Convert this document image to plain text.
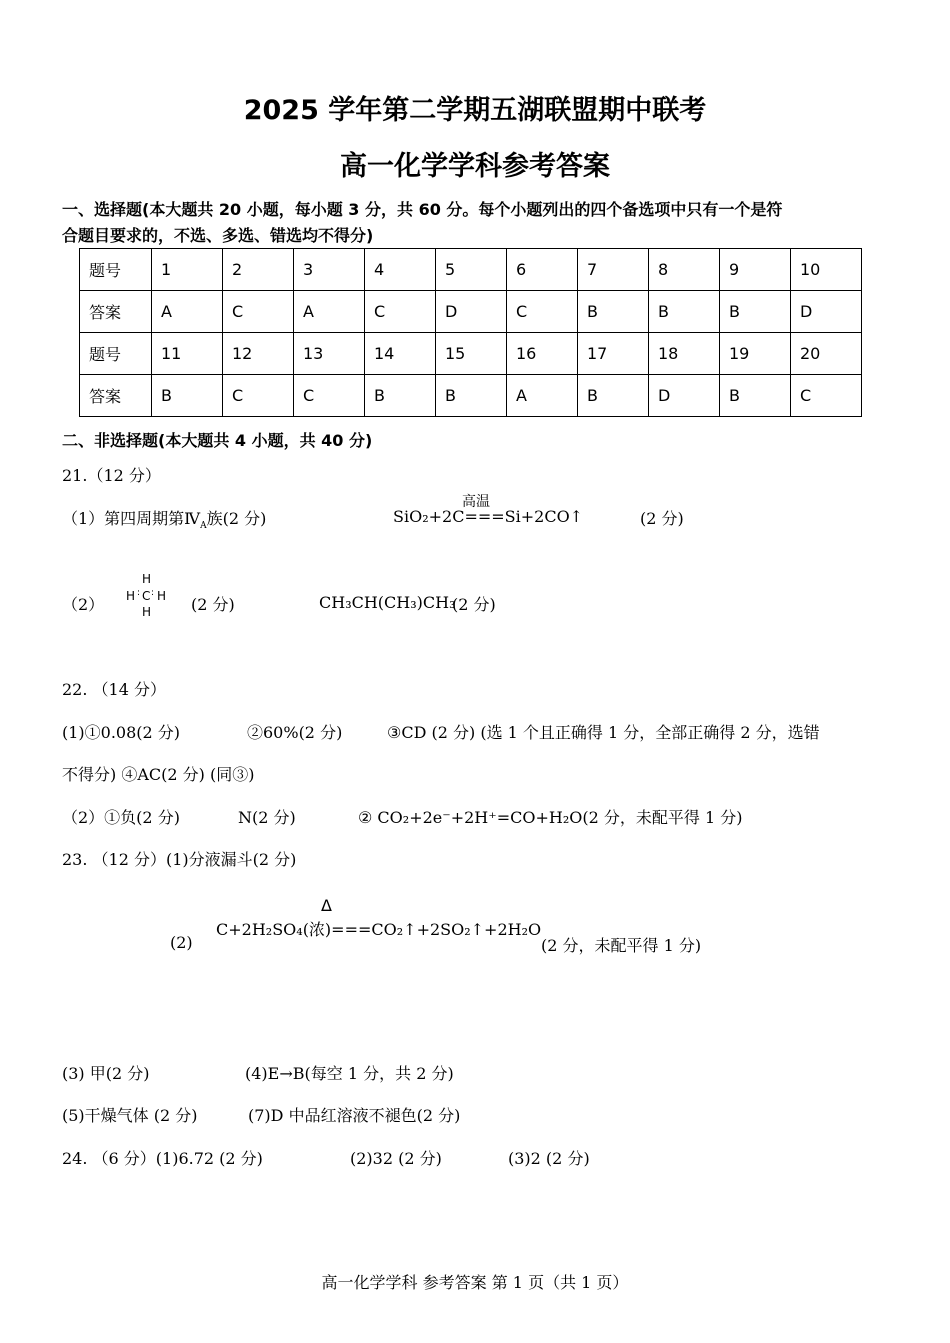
2025 学年第二学期五湖联盟期中联考
高一化学学科参考答案
一、选择题(本大题共 20 小题，每小题 3 分，共 60 分。每个小题列出的四个备选项中只有一个是符
合题目要求的，不选、多选、错选均不得分)
题号	1	2	3	4	5	6	7	8	9	10
答案	A	C	A	C	D	C	B	B	B	D
题号	11	12	13	14	15	16	17	18	19	20
答案	B	C	C	B	B	A	B	D	B	C
二、非选择题(本大题共 4 小题，共 40 分)
21.（12 分）
（1）第四周期第$Ⅳ_A$族(2 分)
高温
SiO₂+2C===Si+2CO↑	(2 分)
（2）
H
H : C : H
H (2 分)	CH₃CH(CH₃)CH₃
(2 分)
22. （14 分）
(1)①0.08(2 分)	②60%(2 分)	③CD (2 分) (选 1 个且正确得 1 分，全部正确得 2 分，选错
不得分) ④AC(2 分) (同③)
（2）①负(2 分)	N(2 分)	② CO₂+2e⁻+2H⁺=CO+H₂O(2 分，未配平得 1 分)
23. （12 分）(1)分液漏斗(2 分)
Δ
C+2H₂SO₄(浓)===CO₂↑+2SO₂↑+2H₂O
(2)	(2 分，未配平得 1 分)
(3) 甲(2 分)	(4)E→B(每空 1 分，共 2 分)
(5)干燥气体 (2 分)	(7)D 中品红溶液不褪色(2 分)
24. （6 分）(1)6.72 (2 分)	(2)32 (2 分)	(3)2 (2 分)
高一化学学科 参考答案 第 1 页（共 1 页）
